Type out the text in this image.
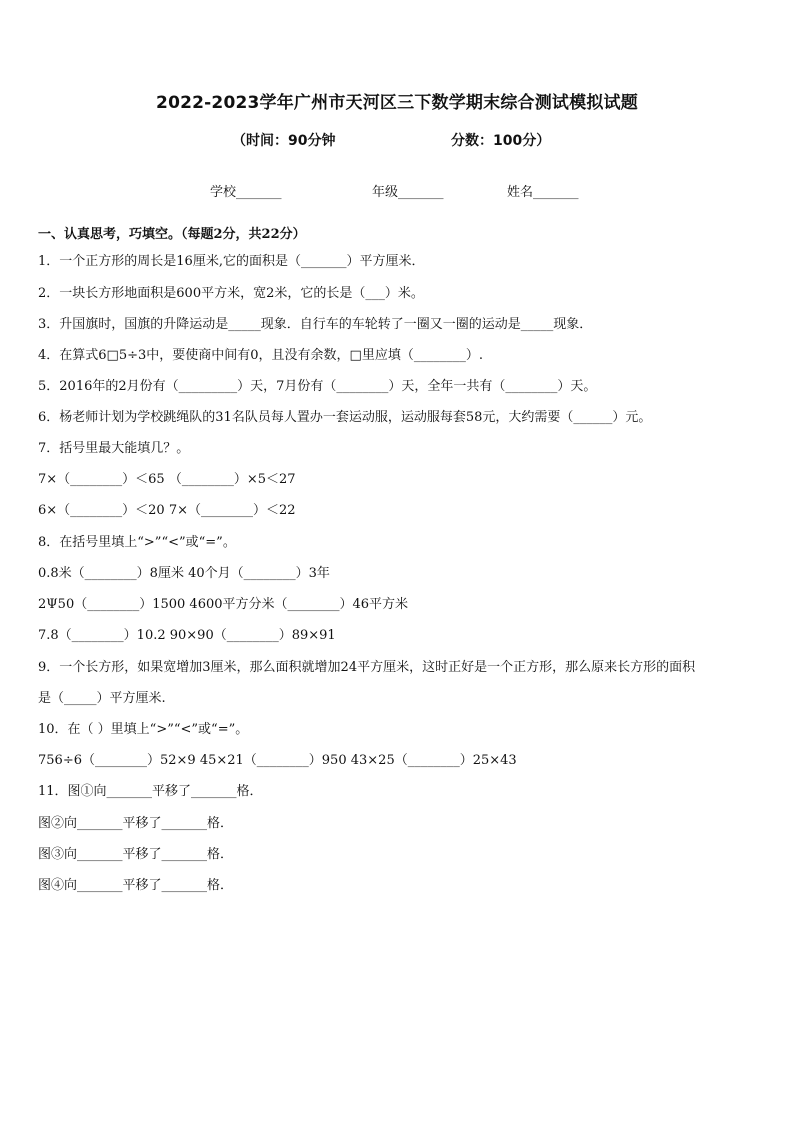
2022-2023学年广州市天河区三下数学期末综合测试模拟试题
（时间：90分钟	分数：100分）
学校_______	年级_______	姓名_______
一、认真思考，巧填空。（每题2分，共22分）
1．一个正方形的周长是16厘米,它的面积是（_______）平方厘米．
2．一块长方形地面积是600平方米，宽2米，它的长是（___）米。
3．升国旗时，国旗的升降运动是_____现象．自行车的车轮转了一圈又一圈的运动是_____现象．
4．在算式6□5÷3中，要使商中间有0，且没有余数，□里应填（________）.
5．2016年的2月份有（_________）天，7月份有（________）天，全年一共有（________）天。
6．杨老师计划为学校跳绳队的31名队员每人置办一套运动服，运动服每套58元，大约需要（______）元。
7．括号里最大能填几？。
7×（________）＜65 （________）×5＜27
6×（________）＜20 7×（________）＜22
8．在括号里填上“>”“<”或“=”。
0.8米（________）8厘米 40个月（________）3年
2Ψ50（________）1500 4600平方分米（________）46平方米
7.8（________）10.2 90×90（________）89×91
9．一个长方形，如果宽增加3厘米，那么面积就增加24平方厘米，这时正好是一个正方形，那么原来长方形的面积
是（_____）平方厘米.
10．在（ ）里填上“>”“<”或“=”。
756÷6（________）52×9 45×21（________）950 43×25（________）25×43
11．图①向_______平移了_______格．
图②向_______平移了_______格．
图③向_______平移了_______格．
图④向_______平移了_______格．
